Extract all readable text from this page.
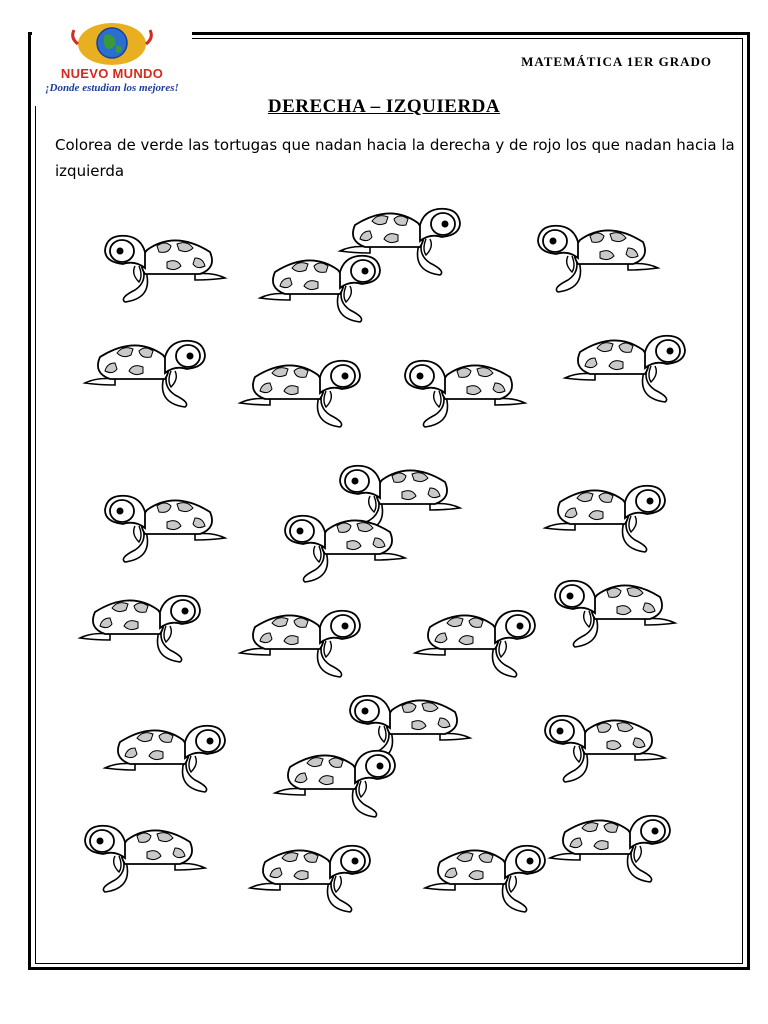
NUEVO MUNDO
¡Donde estudian los mejores!
MATEMÁTICA 1ER GRADO
DERECHA – IZQUIERDA
Colorea de verde las tortugas que nadan hacia la derecha y de rojo los que nadan hacia la izquierda
